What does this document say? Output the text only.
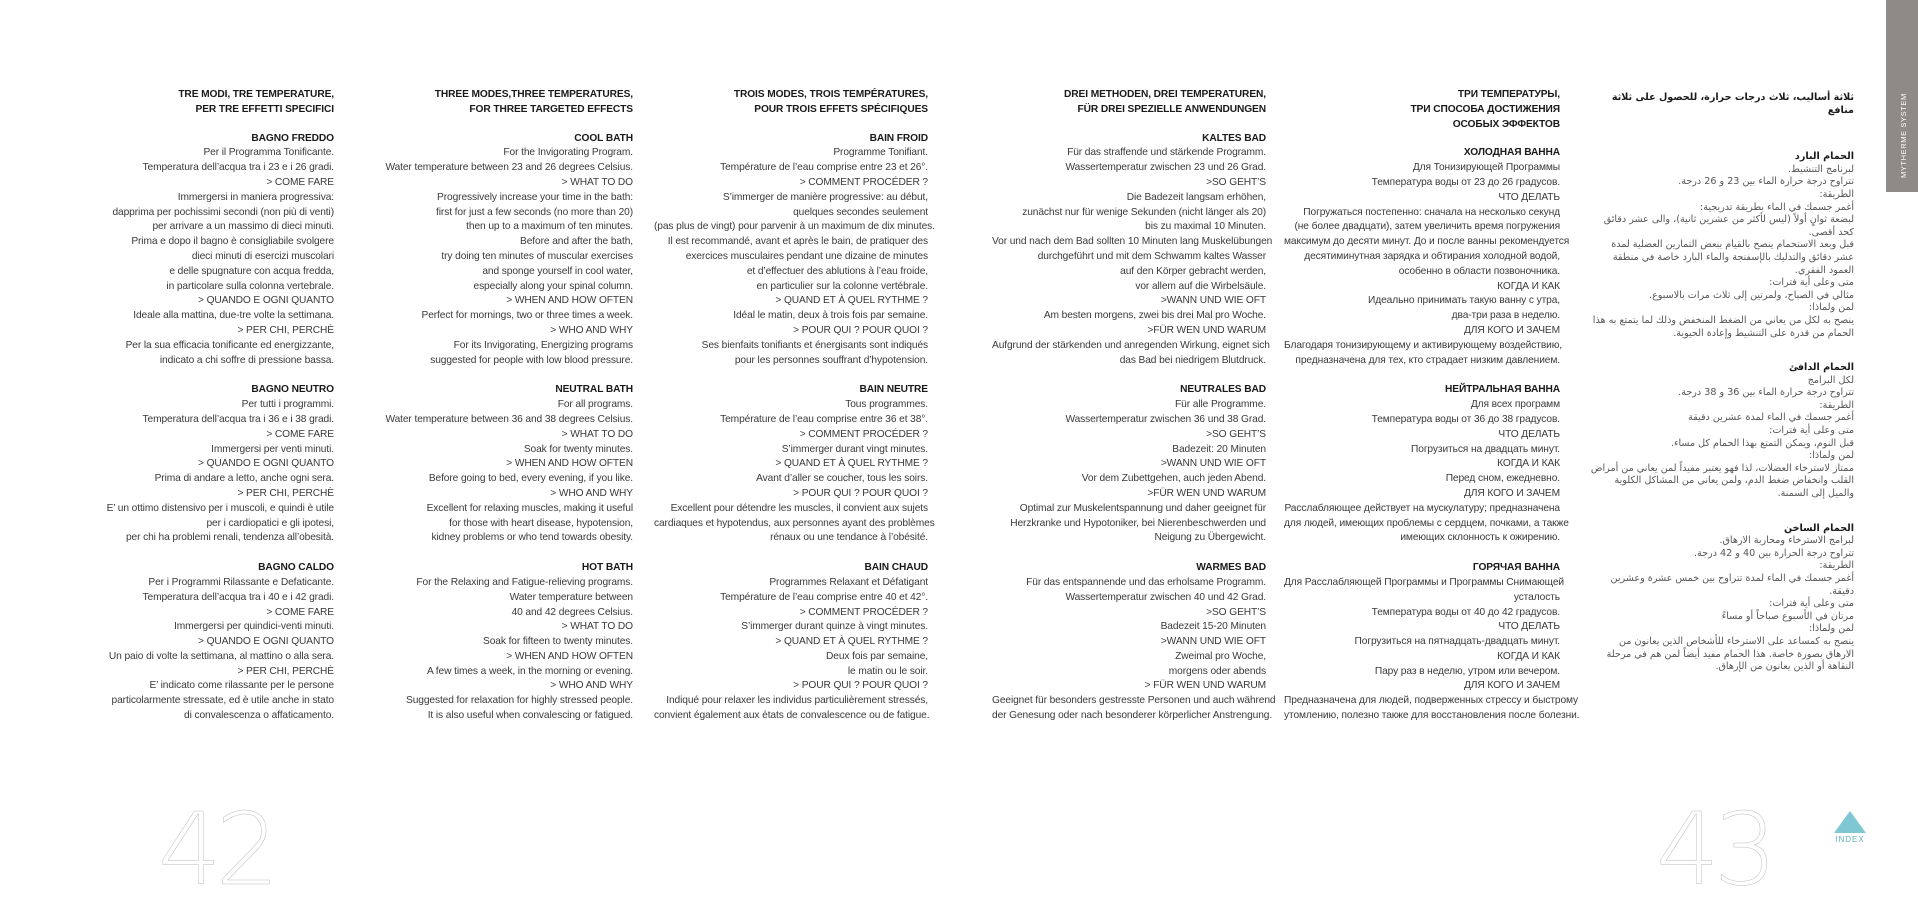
TRE MODI, TRE TEMPERATURE,
PER TRE EFFETTI SPECIFICI
BAGNO FREDDO
Per il Programma Tonificante.
Temperatura dell’acqua tra i 23 e i 26 gradi.
> COME FARE
Immergersi in maniera progressiva:
dapprima per pochissimi secondi (non più di venti)
per arrivare a un massimo di dieci minuti.
Prima e dopo il bagno è consigliabile svolgere
dieci minuti di esercizi muscolari
e delle spugnature con acqua fredda,
in particolare sulla colonna vertebrale.
> QUANDO E OGNI QUANTO
Ideale alla mattina, due-tre volte la settimana.
> PER CHI, PERCHÈ
Per la sua efficacia tonificante ed energizzante,
indicato a chi soffre di pressione bassa.
BAGNO NEUTRO
Per tutti i programmi.
Temperatura dell’acqua tra i 36 e i 38 gradi.
> COME FARE
Immergersi per venti minuti.
> QUANDO E OGNI QUANTO
Prima di andare a letto, anche ogni sera.
> PER CHI, PERCHÈ
E’ un ottimo distensivo per i muscoli, e quindi è utile
per i cardiopatici e gli ipotesi,
per chi ha problemi renali, tendenza all’obesità.
BAGNO CALDO
Per i Programmi Rilassante e Defaticante.
Temperatura dell’acqua tra i 40 e i 42 gradi.
> COME FARE
Immergersi per quindici-venti minuti.
> QUANDO E OGNI QUANTO
Un paio di volte la settimana, al mattino o alla sera.
> PER CHI, PERCHÈ
E’ indicato come rilassante per le persone
particolarmente stressate, ed è utile anche in stato
di convalescenza o affaticamento.
THREE MODES,THREE TEMPERATURES,
FOR THREE TARGETED EFFECTS
COOL BATH
For the Invigorating Program.
Water temperature between 23 and 26 degrees Celsius.
> WHAT TO DO
Progressively increase your time in the bath:
first for just a few seconds (no more than 20)
then up to a maximum of ten minutes.
Before and after the bath,
try doing ten minutes of muscular exercises
and sponge yourself in cool water,
especially along your spinal column.
> WHEN AND HOW OFTEN
Perfect for mornings, two or three times a week.
> WHO AND WHY
For its Invigorating, Energizing programs
suggested for people with low blood pressure.
NEUTRAL BATH
For all programs.
Water temperature between 36 and 38 degrees Celsius.
> WHAT TO DO
Soak for twenty minutes.
> WHEN AND HOW OFTEN
Before going to bed, every evening, if you like.
> WHO AND WHY
Excellent for relaxing muscles, making it useful
for those with heart disease, hypotension,
kidney problems or who tend towards obesity.
HOT BATH
For the Relaxing and Fatigue-relieving programs.
Water temperature between
40 and 42 degrees Celsius.
> WHAT TO DO
Soak for fifteen to twenty minutes.
> WHEN AND HOW OFTEN
A few times a week, in the morning or evening.
> WHO AND WHY
Suggested for relaxation for highly stressed people.
It is also useful when convalescing or fatigued.
TROIS MODES, TROIS TEMPÉRATURES,
POUR TROIS EFFETS SPÉCIFIQUES
BAIN FROID
Programme Tonifiant.
Température de l’eau comprise entre 23 et 26°.
> COMMENT PROCÉDER ?
S’immerger de manière progressive: au début,
quelques secondes seulement
(pas plus de vingt) pour parvenir à un maximum de dix minutes.
Il est recommandé, avant et après le bain, de pratiquer des
exercices musculaires pendant une dizaine de minutes
et d’effectuer des ablutions à l’eau froide,
en particulier sur la colonne vertébrale.
> QUAND ET À QUEL RYTHME ?
Idéal le matin, deux à trois fois par semaine.
> POUR QUI ? POUR QUOI ?
Ses bienfaits tonifiants et énergisants sont indiqués
pour les personnes souffrant d’hypotension.
BAIN NEUTRE
Tous programmes.
Température de l’eau comprise entre 36 et 38°.
> COMMENT PROCÉDER ?
S’immerger durant vingt minutes.
> QUAND ET À QUEL RYTHME ?
Avant d’aller se coucher, tous les soirs.
> POUR QUI ? POUR QUOI ?
Excellent pour détendre les muscles, il convient aux sujets
cardiaques et hypotendus, aux personnes ayant des problèmes
rénaux ou une tendance à l’obésité.
BAIN CHAUD
Programmes Relaxant et Défatigant
Température de l’eau comprise entre 40 et 42°.
> COMMENT PROCÉDER ?
S’immerger durant quinze à vingt minutes.
> QUAND ET À QUEL RYTHME ?
Deux fois par semaine,
le matin ou le soir.
> POUR QUI ? POUR QUOI ?
Indiqué pour relaxer les individus particulièrement stressés,
convient également aux états de convalescence ou de fatigue.
DREI METHODEN, DREI TEMPERATUREN,
FÜR DREI SPEZIELLE ANWENDUNGEN
KALTES BAD
Für das straffende und stärkende Programm.
Wassertemperatur zwischen 23 und 26 Grad.
>SO GEHT’S
Die Badezeit langsam erhöhen,
zunächst nur für wenige Sekunden (nicht länger als 20)
bis zu maximal 10 Minuten.
Vor und nach dem Bad sollten 10 Minuten lang Muskelübungen
durchgeführt und mit dem Schwamm kaltes Wasser
auf den Körper gebracht werden,
vor allem auf die Wirbelsäule.
>WANN UND WIE OFT
Am besten morgens, zwei bis drei Mal pro Woche.
>FÜR WEN UND WARUM
Aufgrund der stärkenden und anregenden Wirkung, eignet sich
das Bad bei niedrigem Blutdruck.
NEUTRALES BAD
Für alle Programme.
Wassertemperatur zwischen 36 und 38 Grad.
>SO GEHT’S
Badezeit: 20 Minuten
>WANN UND WIE OFT
Vor dem Zubettgehen, auch jeden Abend.
>FÜR WEN UND WARUM
Optimal zur Muskelentspannung und daher geeignet für
Herzkranke und Hypotoniker, bei Nierenbeschwerden und
Neigung zu Übergewicht.
WARMES BAD
Für das entspannende und das erholsame Programm.
Wassertemperatur zwischen 40 und 42 Grad.
>SO GEHT’S
Badezeit 15-20 Minuten
>WANN UND WIE OFT
Zweimal pro Woche,
morgens oder abends
> FÜR WEN UND WARUM
Geeignet für besonders gestresste Personen und auch während
der Genesung oder nach besonderer körperlicher Anstrengung.
ТРИ ТЕМПЕРАТУРЫ,
ТРИ СПОСОБА ДОСТИЖЕНИЯ
ОСОБЫХ ЭФФЕКТОВ
ХОЛОДНАЯ ВАННА
Для Тонизирующей Программы
Температура воды от 23 до 26 градусов.
ЧТО ДЕЛАТЬ
Погружаться постепенно: сначала на несколько секунд
(не более двадцати), затем увеличить время погружения
максимум до десяти минут. До и после ванны рекомендуется
десятиминутная зарядка и обтирания холодной водой,
особенно в области позвоночника.
КОГДА И КАК
Идеально принимать такую ванну с утра,
два-три раза в неделю.
ДЛЯ КОГО И ЗАЧЕМ
Благодаря тонизирующему и активирующему воздействию,
предназначена для тех, кто страдает низким давлением.
НЕЙТРАЛЬНАЯ ВАННА
Для всех программ
Температура воды от 36 до 38 градусов.
ЧТО ДЕЛАТЬ
Погрузиться на двадцать минут.
КОГДА И КАК
Перед сном, ежедневно.
ДЛЯ КОГО И ЗАЧЕМ
Расслабляющее действует на мускулатуру; предназначена
для людей, имеющих проблемы с сердцем, почками, а также
имеющих склонность к ожирению.
ГОРЯЧАЯ ВАННА
Для Расслабляющей Программы и Программы Снимающей
усталость
Температура воды от 40 до 42 градусов.
ЧТО ДЕЛАТЬ
Погрузиться на пятнадцать-двадцать минут.
КОГДА И КАК
Пару раз в неделю, утром или вечером.
ДЛЯ КОГО И ЗАЧЕМ
Предназначена для людей, подверженных стрессу и быстрому
утомлению, полезно также для восстановления после болезни.
ثلاثة أساليب، ثلاث درجات حرارة، للحصول على ثلاثة منافع
الحمام البارد
لبرنامج التنشيط.
تتراوح درجة حرارة الماء بين 23 و 26 درجة.
الطريقة:
أغمر جسمك في الماء بطريقة تدريجية:
لبضعة ثوانٍ أولاً (ليس لأكثر من عشرين ثانية)، والى عشر دقائق كحد أقصى.
قبل وبعد الاستحمام ينصح بالقيام ببعض التمارين العضلية لمدة عشر دقائق والتدليك بالإسفنجة والماء البارد خاصة في منطقة العمود الفقري.
متى وعلى أية فترات:
مثالي في الصباح، ولمرتين إلى ثلاث مرات بالاسبوع.
لمن ولماذا:
ينصح به لكل من يعاني من الضغط المنخفض وذلك لما يتمتع به هذا الحمام من قدرة على التنشيط وإعادة الحيوية.
الحمام الدافئ
لكل البرامج
تتراوح درجة حرارة الماء بين 36 و 38 درجة.
الطريقة:
أغمر جسمك في الماء لمدة عشرين دقيقة
متى وعلى أية فترات:
قبل النوم، ويمكن التمتع بهذا الحمام كل مساء.
لمن ولماذا:
ممتاز لاسترخاء العضلات، لذا فهو يعتبر مفيداً لمن يعاني من أمراض القلب وانخفاض ضغط الدم، ولمن يعاني من المشاكل الكلوية والميل إلى السمنة.
الحمام الساخن
لبرامج الاسترخاء ومحاربة الارهاق.
تتراوح درجة الحرارة بين 40 و 42 درجة.
الطريقة:
أغمر جسمك في الماء لمدة تتراوح بين خمس عشرة وعشرين دقيقة.
متى وعلى أية فترات:
مرتان في الأسبوع صباحاً أو مساءً
لمن ولماذا:
ينصح به كمساعد على الاسترخاء للأشخاص الذين يعانون من الارهاق بصورة خاصة. هذا الحمام مفيد أيضاً لمن هم في مرحلة النقاهة أو الذين يعانون من الإرهاق.
42	43
MYTHERME SYSTEM
INDEX
